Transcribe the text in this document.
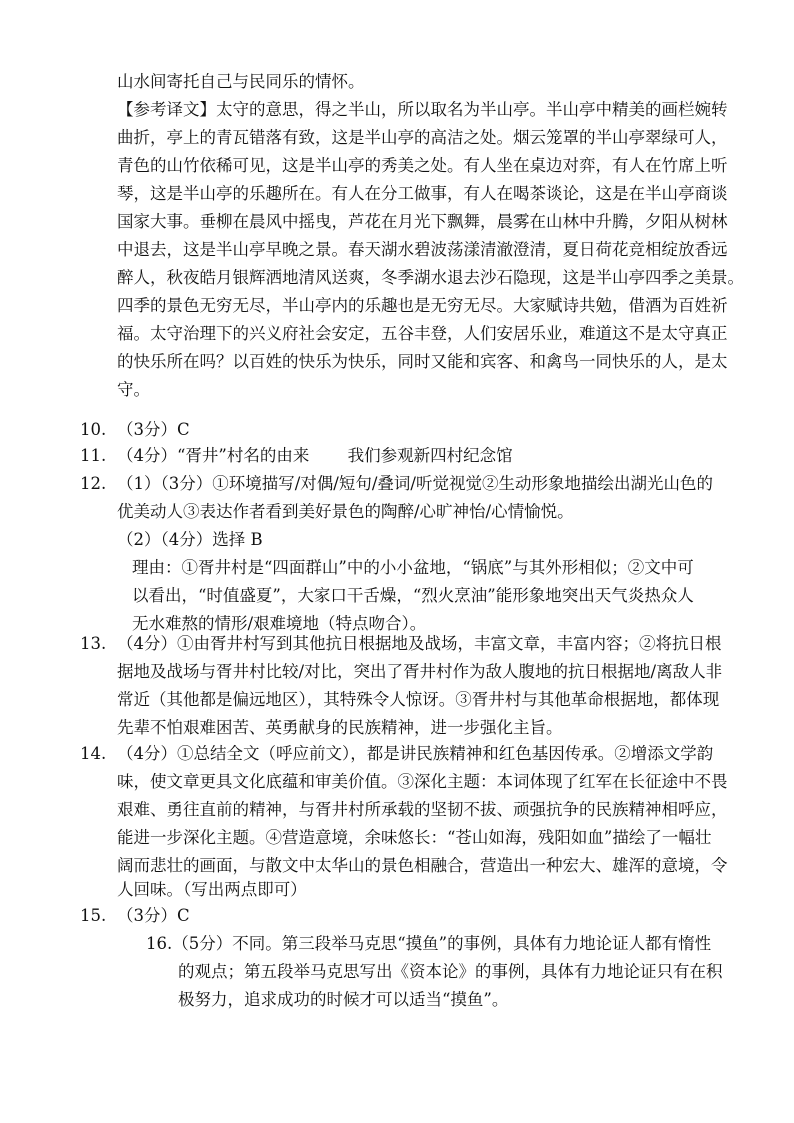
山水间寄托自己与民同乐的情怀。

【参考译文】太守的意思，得之半山，所以取名为半山亭。半山亭中精美的画栏婉转

曲折，亭上的青瓦错落有致，这是半山亭的高洁之处。烟云笼罩的半山亭翠绿可人，

青色的山竹依稀可见，这是半山亭的秀美之处。有人坐在桌边对弈，有人在竹席上听

琴，这是半山亭的乐趣所在。有人在分工做事，有人在喝茶谈论，这是在半山亭商谈

国家大事。垂柳在晨风中摇曳，芦花在月光下飘舞，晨雾在山林中升腾，夕阳从树林

中退去，这是半山亭早晚之景。春天湖水碧波荡漾清澈澄清，夏日荷花竞相绽放香远

醉人，秋夜皓月银辉洒地清风送爽，冬季湖水退去沙石隐现，这是半山亭四季之美景。

四季的景色无穷无尽，半山亭内的乐趣也是无穷无尽。大家赋诗共勉，借酒为百姓祈

福。太守治理下的兴义府社会安定，五谷丰登，人们安居乐业，难道这不是太守真正

的快乐所在吗？以百姓的快乐为快乐，同时又能和宾客、和禽鸟一同快乐的人，是太

守。

10. （3分）C

11. （4分）“胥井”村名的由来　　 我们参观新四村纪念馆

12. （1）（3分）①环境描写/对偶/短句/叠词/听觉视觉②生动形象地描绘出湖光山色的

优美动人③表达作者看到美好景色的陶醉/心旷神怡/心情愉悦。

（2）（4分）选择 B

理由：①胥井村是“四面群山”中的小小盆地，“锅底”与其外形相似；②文中可

以看出，“时值盛夏”，大家口干舌燥，“烈火烹油”能形象地突出天气炎热众人

无水难熬的情形/艰难境地（特点吻合）。

13. （4分）①由胥井村写到其他抗日根据地及战场，丰富文章，丰富内容；②将抗日根

据地及战场与胥井村比较/对比，突出了胥井村作为敌人腹地的抗日根据地/离敌人非

常近（其他都是偏远地区），其特殊令人惊讶。③胥井村与其他革命根据地，都体现

先辈不怕艰难困苦、英勇献身的民族精神，进一步强化主旨。

14. （4分）①总结全文（呼应前文），都是讲民族精神和红色基因传承。②增添文学韵

味，使文章更具文化底蕴和审美价值。③深化主题：本词体现了红军在长征途中不畏

艰难、勇往直前的精神，与胥井村所承载的坚韧不拔、顽强抗争的民族精神相呼应，

能进一步深化主题。④营造意境，余味悠长：“苍山如海，残阳如血”描绘了一幅壮

阔而悲壮的画面，与散文中太华山的景色相融合，营造出一种宏大、雄浑的意境，令

人回味。（写出两点即可）

15. （3分）C

16.（5分）不同。第三段举马克思“摸鱼”的事例，具体有力地论证人都有惰性

的观点；第五段举马克思写出《资本论》的事例，具体有力地论证只有在积

极努力，追求成功的时候才可以适当“摸鱼”。
